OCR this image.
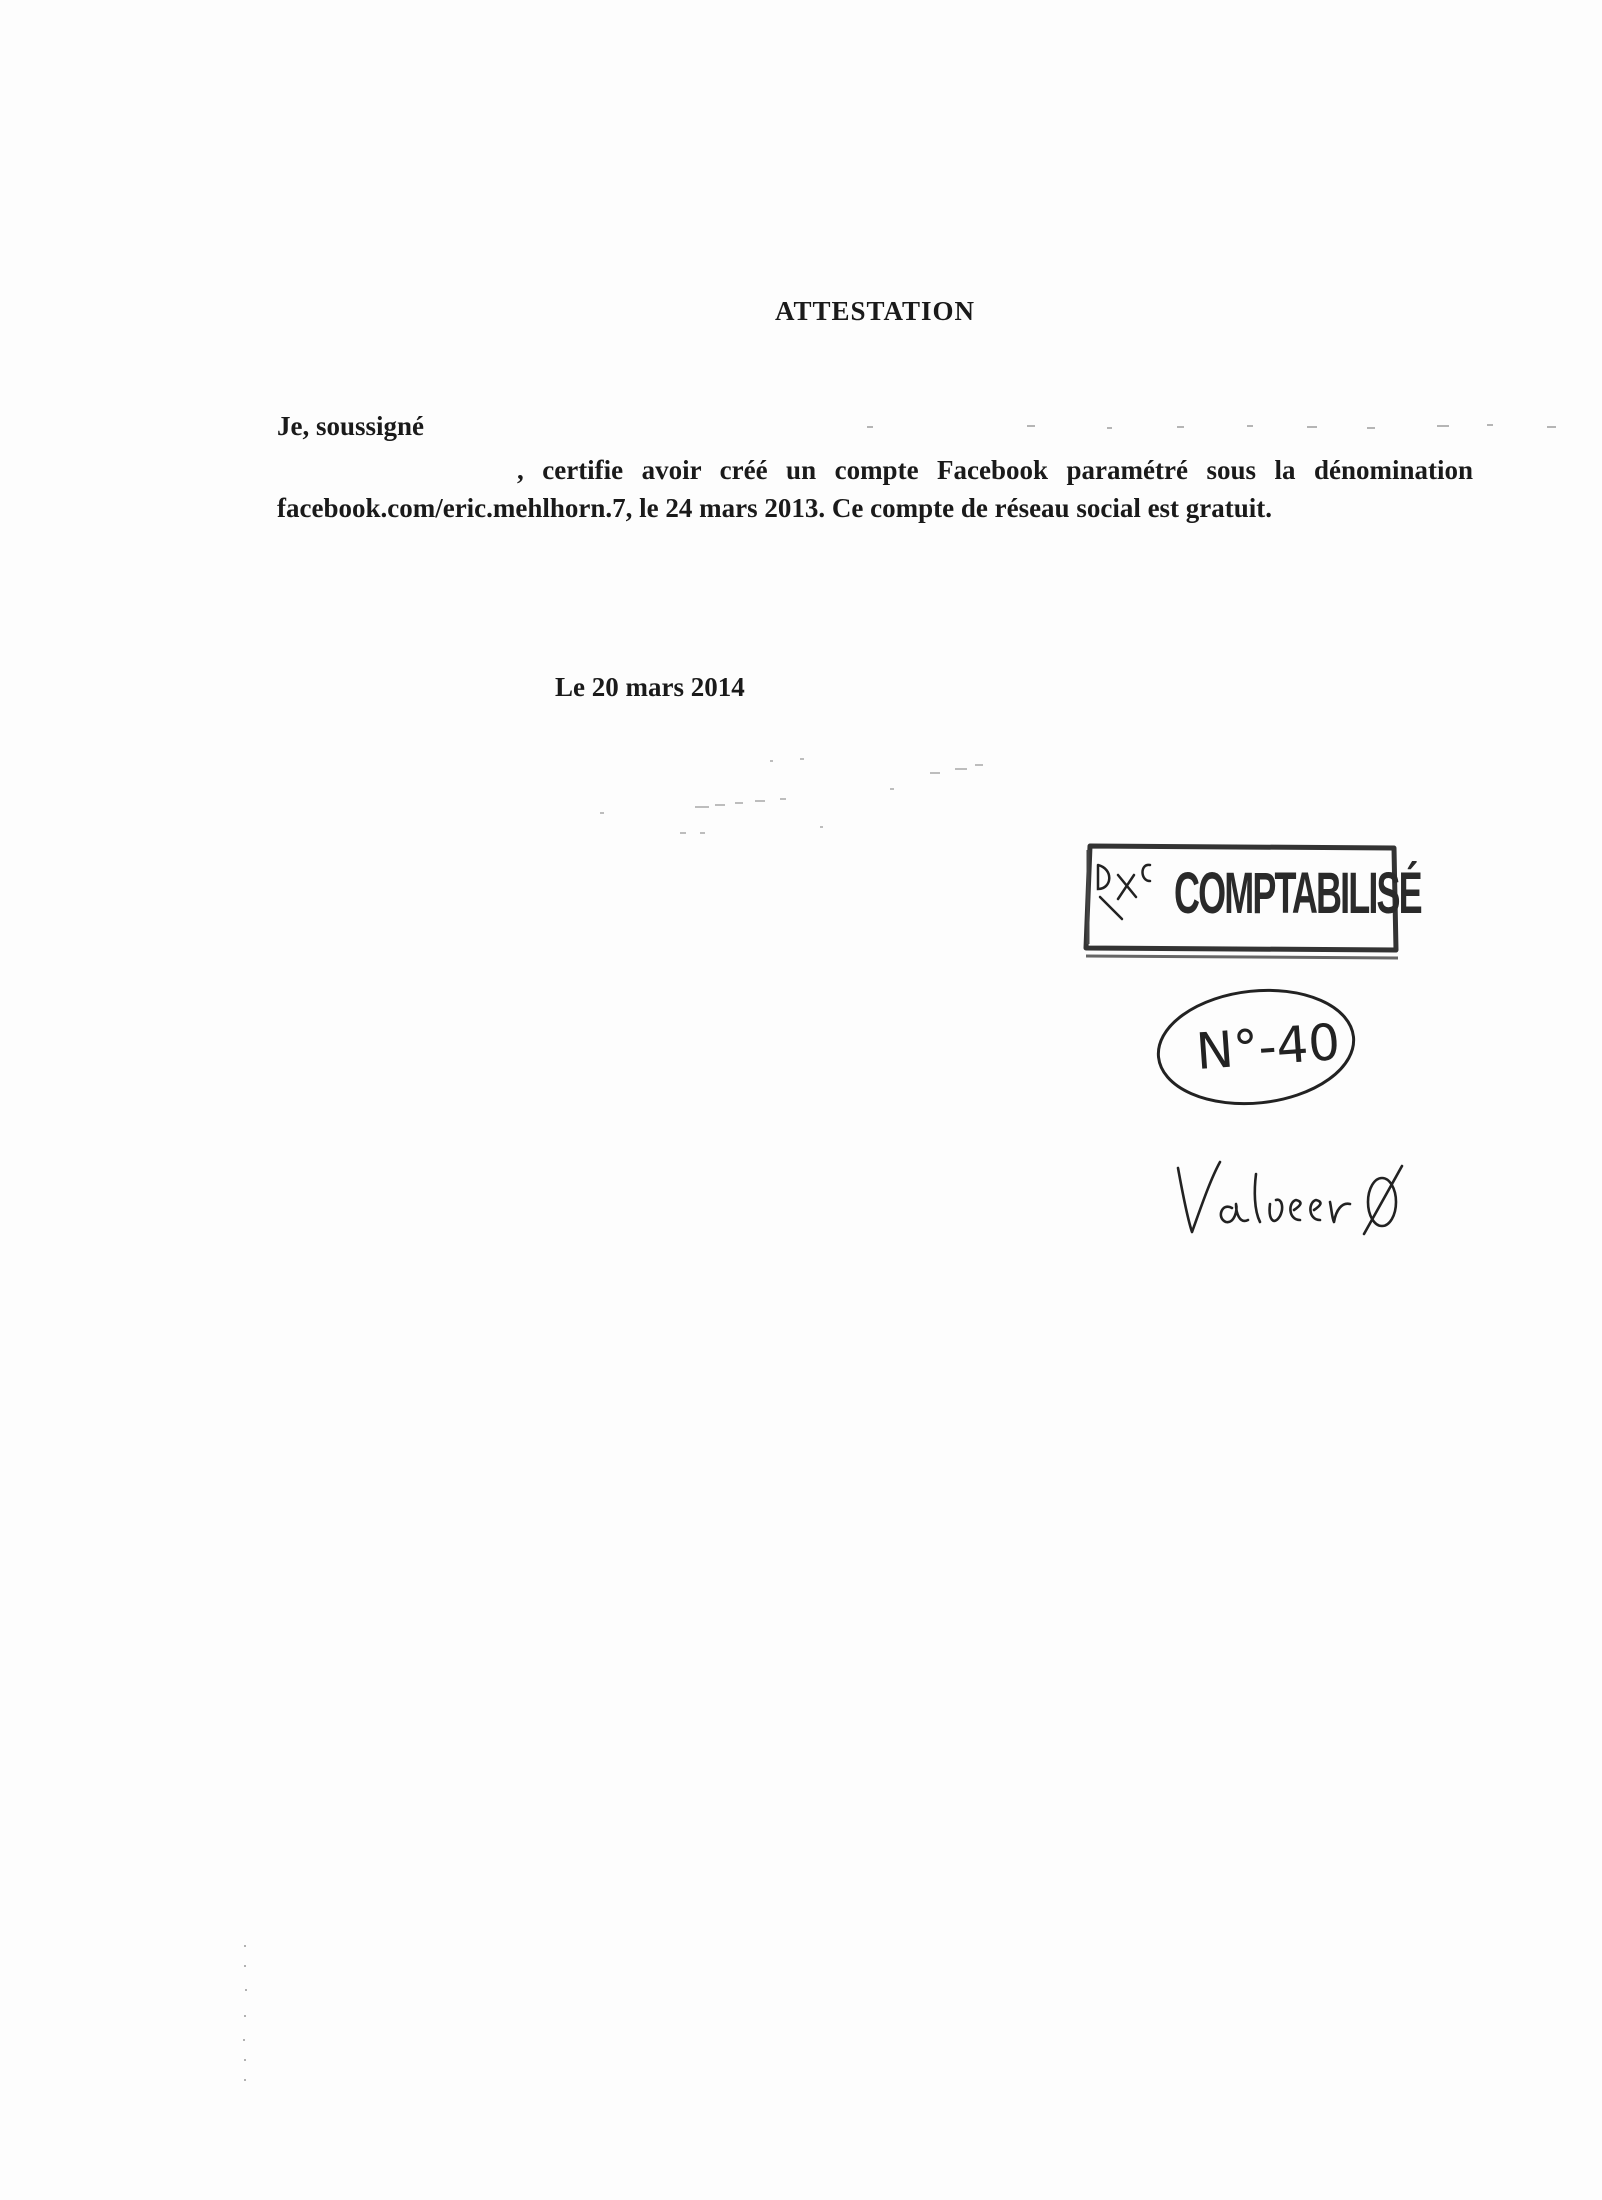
ATTESTATION
Je, soussigné
, certifie avoir créé un compte Facebook paramétré sous la dénomination facebook.com/eric.mehlhorn.7, le 24 mars 2013. Ce compte de réseau social est gratuit.
Le 20 mars 2014
COMPTABILISÉ
N°-40
